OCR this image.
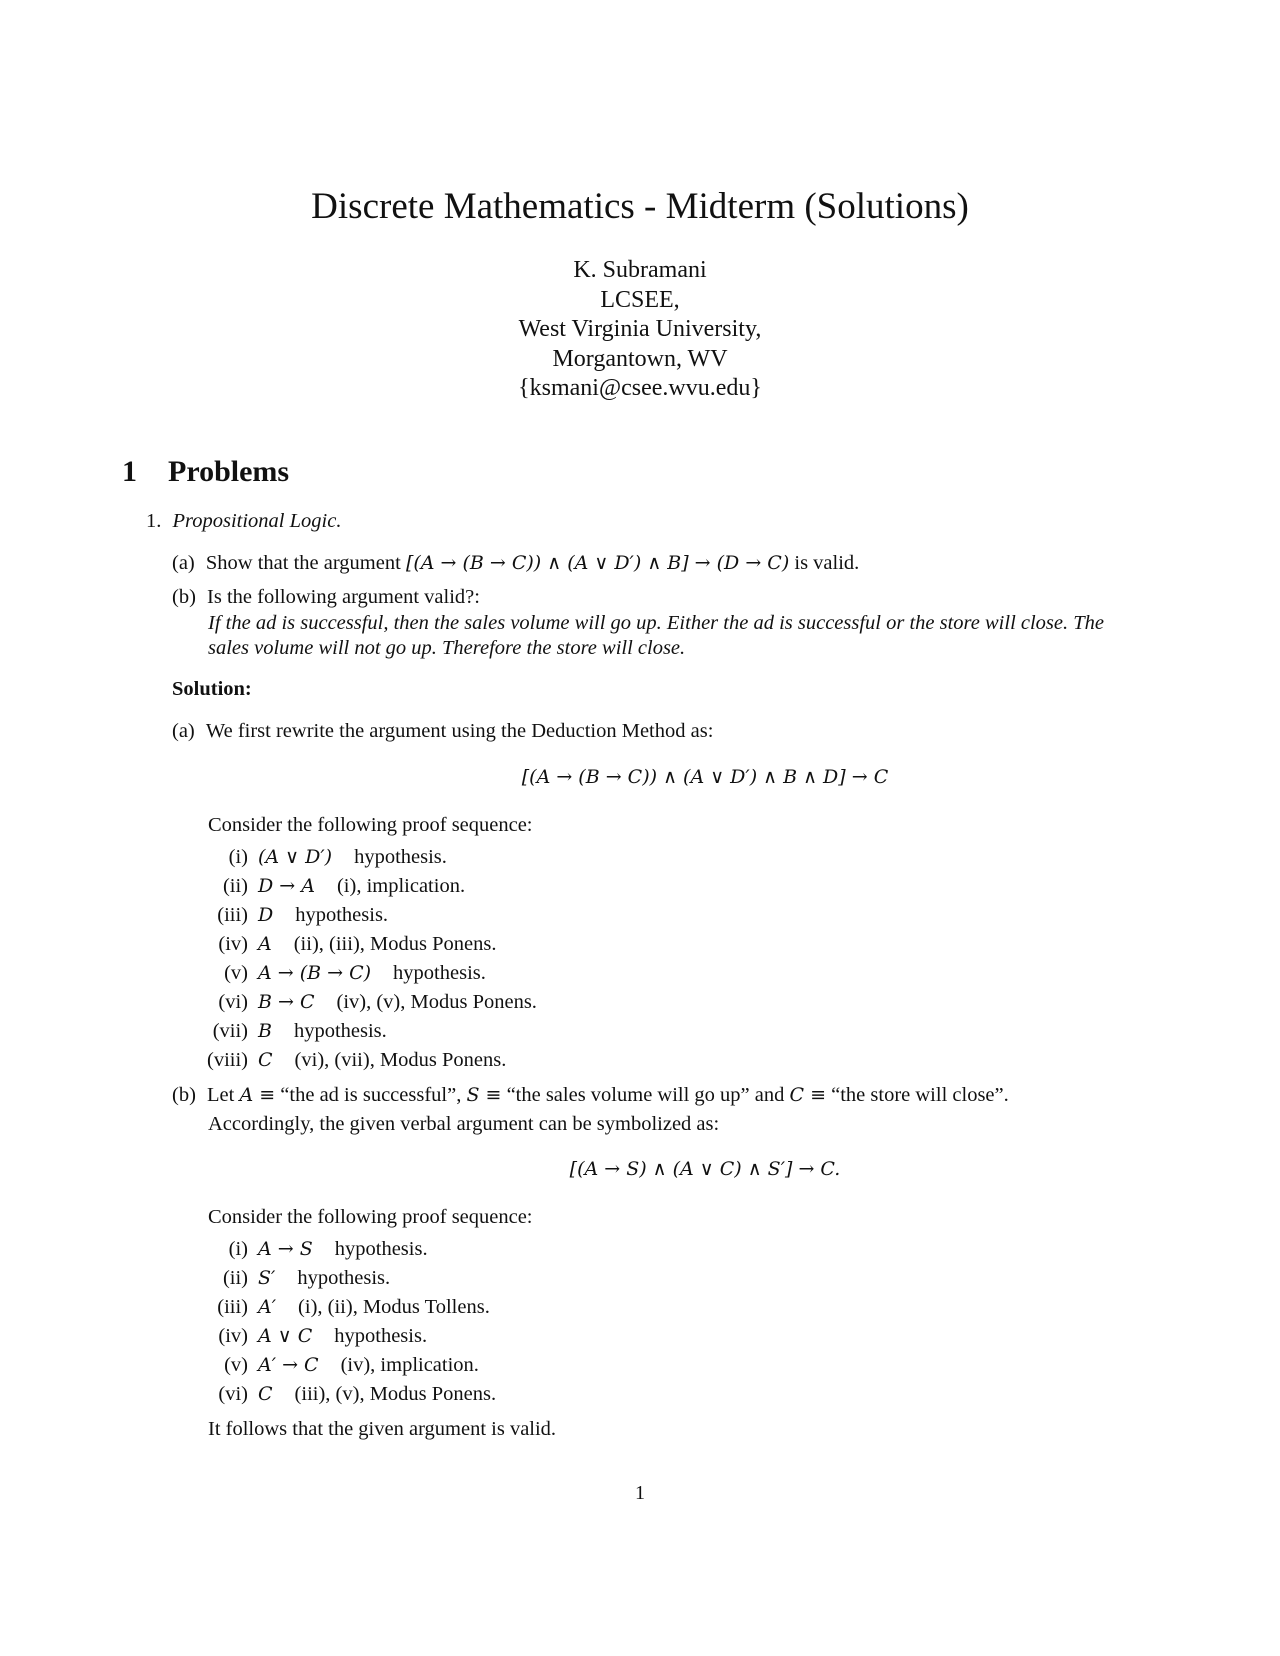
Discrete Mathematics - Midterm (Solutions)
K. Subramani
LCSEE,
West Virginia University,
Morgantown, WV
{ksmani@csee.wvu.edu}
1 Problems
1. Propositional Logic.
(a) Show that the argument [(A → (B → C)) ∧ (A ∨ D′) ∧ B] → (D → C) is valid.
(b) Is the following argument valid?:
If the ad is successful, then the sales volume will go up. Either the ad is successful or the store will close. The
sales volume will not go up. Therefore the store will close.
Solution:
(a) We first rewrite the argument using the Deduction Method as:
[(A → (B → C)) ∧ (A ∨ D′) ∧ B ∧ D] → C
Consider the following proof sequence:
(i) (A ∨ D′) hypothesis.
(ii) D → A (i), implication.
(iii) D hypothesis.
(iv) A (ii), (iii), Modus Ponens.
(v) A → (B → C) hypothesis.
(vi) B → C (iv), (v), Modus Ponens.
(vii) B hypothesis.
(viii) C (vi), (vii), Modus Ponens.
(b) Let A ≡ “the ad is successful”, S ≡ “the sales volume will go up” and C ≡ “the store will close”.
Accordingly, the given verbal argument can be symbolized as:
[(A → S) ∧ (A ∨ C) ∧ S′] → C.
Consider the following proof sequence:
(i) A → S hypothesis.
(ii) S′ hypothesis.
(iii) A′ (i), (ii), Modus Tollens.
(iv) A ∨ C hypothesis.
(v) A′ → C (iv), implication.
(vi) C (iii), (v), Modus Ponens.
It follows that the given argument is valid.
1
